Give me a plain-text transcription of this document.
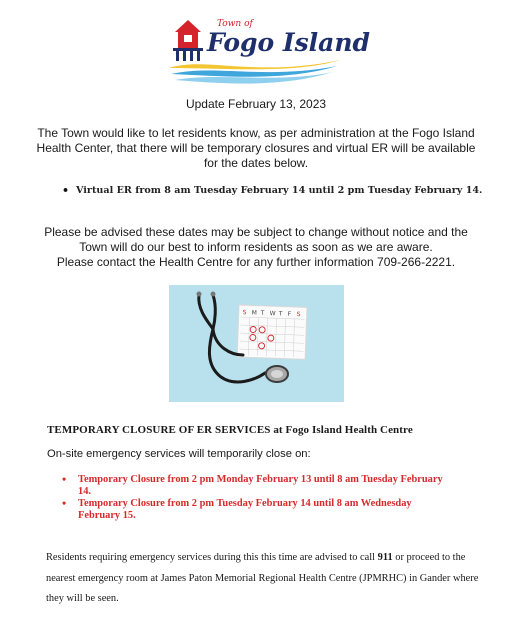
Town of
Fogo Island
Update February 13, 2023
The Town would like to let residents know, as per administration at the Fogo Island Health Center, that there will be temporary closures and virtual ER will be available for the dates below.
• Virtual ER from 8 am Tuesday February 14 until 2 pm Tuesday February 14.
Please be advised these dates may be subject to change without notice and the Town will do our best to inform residents as soon as we are aware.
Please contact the Health Centre for any further information 709-266-2221.
S M T W T F S
TEMPORARY CLOSURE OF ER SERVICES at Fogo Island Health Centre
On-site emergency services will temporarily close on:
• Temporary Closure from 2 pm Monday February 13 until 8 am Tuesday February 14.
• Temporary Closure from 2 pm Tuesday February 14 until 8 am Wednesday February 15.
Residents requiring emergency services during this this time are advised to call 911 or proceed to the nearest emergency room at James Paton Memorial Regional Health Centre (JPMRHC) in Gander where they will be seen.
